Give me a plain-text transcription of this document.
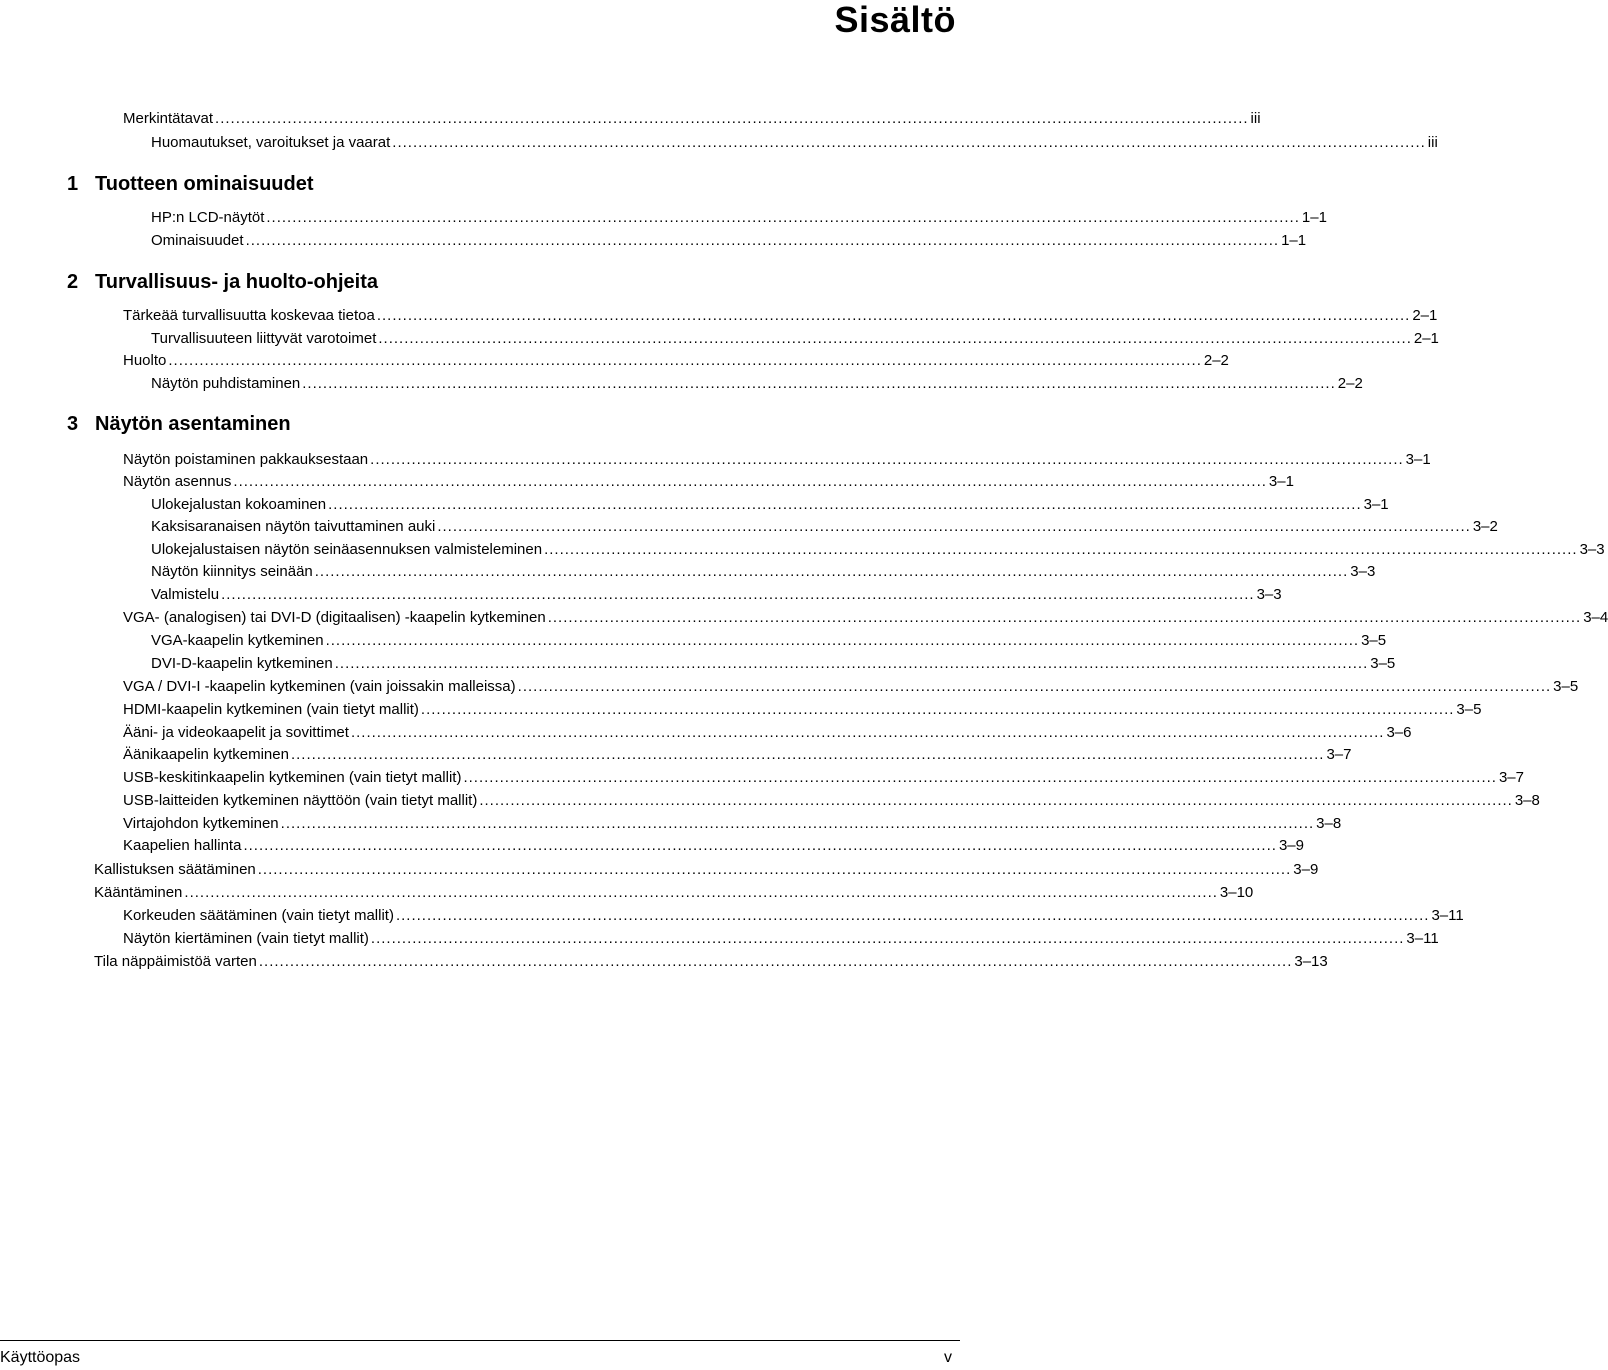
Sisältö
Merkintätavat ........................................................................................................................................................................................................ iii
Huomautukset, varoitukset ja vaarat ........................................................................................................................................................................................................ iii
1 Tuotteen ominaisuudet
HP:n LCD-näytöt ........................................................................................................................................................................................................ 1–1
Ominaisuudet ........................................................................................................................................................................................................ 1–1
2 Turvallisuus- ja huolto-ohjeita
Tärkeää turvallisuutta koskevaa tietoa ........................................................................................................................................................................................................ 2–1
Turvallisuuteen liittyvät varotoimet ........................................................................................................................................................................................................ 2–1
Huolto ........................................................................................................................................................................................................ 2–2
Näytön puhdistaminen ........................................................................................................................................................................................................ 2–2
3 Näytön asentaminen
Näytön poistaminen pakkauksestaan ........................................................................................................................................................................................................ 3–1
Näytön asennus ........................................................................................................................................................................................................ 3–1
Ulokejalustan kokoaminen ........................................................................................................................................................................................................ 3–1
Kaksisaranaisen näytön taivuttaminen auki ........................................................................................................................................................................................................ 3–2
Ulokejalustaisen näytön seinäasennuksen valmisteleminen ........................................................................................................................................................................................................ 3–3
Näytön kiinnitys seinään ........................................................................................................................................................................................................ 3–3
Valmistelu ........................................................................................................................................................................................................ 3–3
VGA- (analogisen) tai DVI-D (digitaalisen) -kaapelin kytkeminen ........................................................................................................................................................................................................ 3–4
VGA-kaapelin kytkeminen ........................................................................................................................................................................................................ 3–5
DVI-D-kaapelin kytkeminen ........................................................................................................................................................................................................ 3–5
VGA / DVI-I -kaapelin kytkeminen (vain joissakin malleissa) ........................................................................................................................................................................................................ 3–5
HDMI-kaapelin kytkeminen (vain tietyt mallit) ........................................................................................................................................................................................................ 3–5
Ääni- ja videokaapelit ja sovittimet ........................................................................................................................................................................................................ 3–6
Äänikaapelin kytkeminen ........................................................................................................................................................................................................ 3–7
USB-keskitinkaapelin kytkeminen (vain tietyt mallit) ........................................................................................................................................................................................................ 3–7
USB-laitteiden kytkeminen näyttöön (vain tietyt mallit) ........................................................................................................................................................................................................ 3–8
Virtajohdon kytkeminen ........................................................................................................................................................................................................ 3–8
Kaapelien hallinta ........................................................................................................................................................................................................ 3–9
Kallistuksen säätäminen ........................................................................................................................................................................................................ 3–9
Kääntäminen ........................................................................................................................................................................................................ 3–10
Korkeuden säätäminen (vain tietyt mallit) ........................................................................................................................................................................................................ 3–11
Näytön kiertäminen (vain tietyt mallit) ........................................................................................................................................................................................................ 3–11
Tila näppäimistöä varten ........................................................................................................................................................................................................ 3–13
Käyttöopas	v
